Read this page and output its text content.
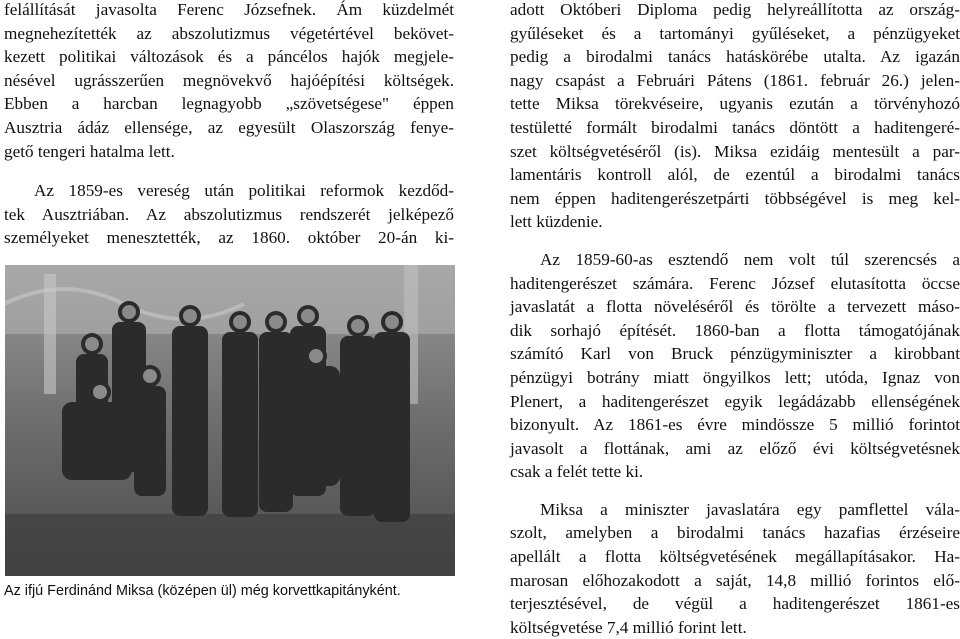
felállítását javasolta Ferenc Józsefnek. Ám küzdelmét
megnehezítették az abszolutizmus végetértével bekövet-
kezett politikai változások és a páncélos hajók megjele-
nésével ugrásszerűen megnövekvő hajóépítési költségek.
Ebben a harcban legnagyobb „szövetségese" éppen
Ausztria ádáz ellensége, az egyesült Olaszország fenye-
gető tengeri hatalma lett.
Az 1859-es vereség után politikai reformok kezdőd-
tek Ausztriában. Az abszolutizmus rendszerét jelképező
személyeket menesztették, az 1860. október 20-án ki-
Az ifjú Ferdinánd Miksa (középen ül) még korvettkapitányként.
adott Októberi Diploma pedig helyreállította az ország-
gyűléseket és a tartományi gyűléseket, a pénzügyeket
pedig a birodalmi tanács hatáskörébe utalta. Az igazán
nagy csapást a Februári Pátens (1861. február 26.) jelen-
tette Miksa törekvéseire, ugyanis ezután a törvényhozó
testületté formált birodalmi tanács döntött a haditengeré-
szet költségvetéséről (is). Miksa ezidáig mentesült a par-
lamentáris kontroll alól, de ezentúl a birodalmi tanács
nem éppen haditengerészetpárti többségével is meg kel-
lett küzdenie.
Az 1859-60-as esztendő nem volt túl szerencsés a
haditengerészet számára. Ferenc József elutasította öccse
javaslatát a flotta növeléséről és törölte a tervezett máso-
dik sorhajó építését. 1860-ban a flotta támogatójának
számító Karl von Bruck pénzügyminiszter a kirobbant
pénzügyi botrány miatt öngyilkos lett; utóda, Ignaz von
Plenert, a haditengerészet egyik legádázabb ellenségének
bizonyult. Az 1861-es évre mindössze 5 millió forintot
javasolt a flottának, ami az előző évi költségvetésnek
csak a felét tette ki.
Miksa a miniszter javaslatára egy pamflettel vála-
szolt, amelyben a birodalmi tanács hazafias érzéseire
apellált a flotta költségvetésének megállapításakor. Ha-
marosan előhozakodott a saját, 14,8 millió forintos elő-
terjesztésével, de végül a haditengerészet 1861-es
költségvetése 7,4 millió forint lett.
